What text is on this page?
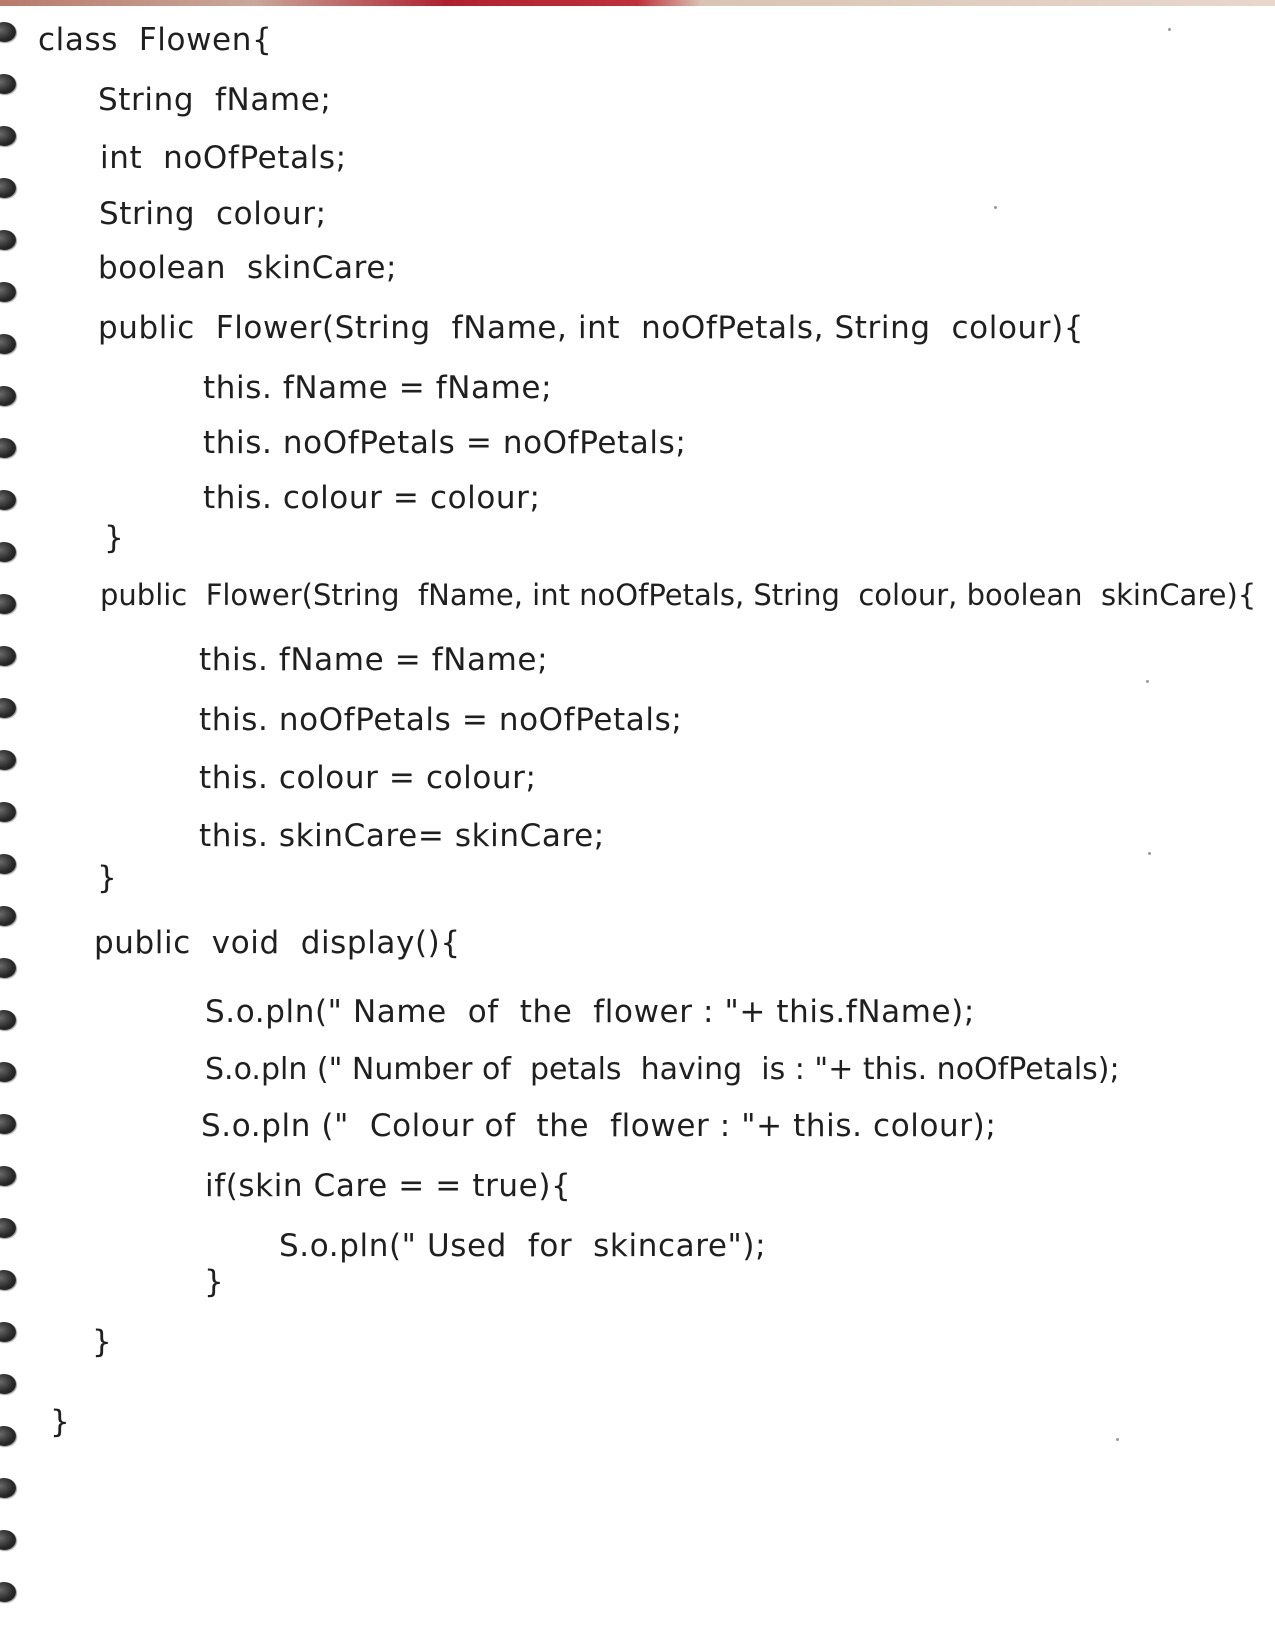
class  Flowen{
String  fName;
int  noOfPetals;
String  colour;
boolean  skinCare;
public  Flower(String  fName, int  noOfPetals, String  colour){
this. fName = fName;
this. noOfPetals = noOfPetals;
this. colour = colour;
}
public  Flower(String  fName, int noOfPetals, String  colour, boolean  skinCare){
this. fName = fName;
this. noOfPetals = noOfPetals;
this. colour = colour;
this. skinCare= skinCare;
}
public  void  display(){
S.o.pln(" Name  of  the  flower : "+ this.fName);
S.o.pln (" Number of  petals  having  is : "+ this. noOfPetals);
S.o.pln ("  Colour of  the  flower : "+ this. colour);
if(skin Care = = true){
S.o.pln(" Used  for  skincare");
}
}
}
